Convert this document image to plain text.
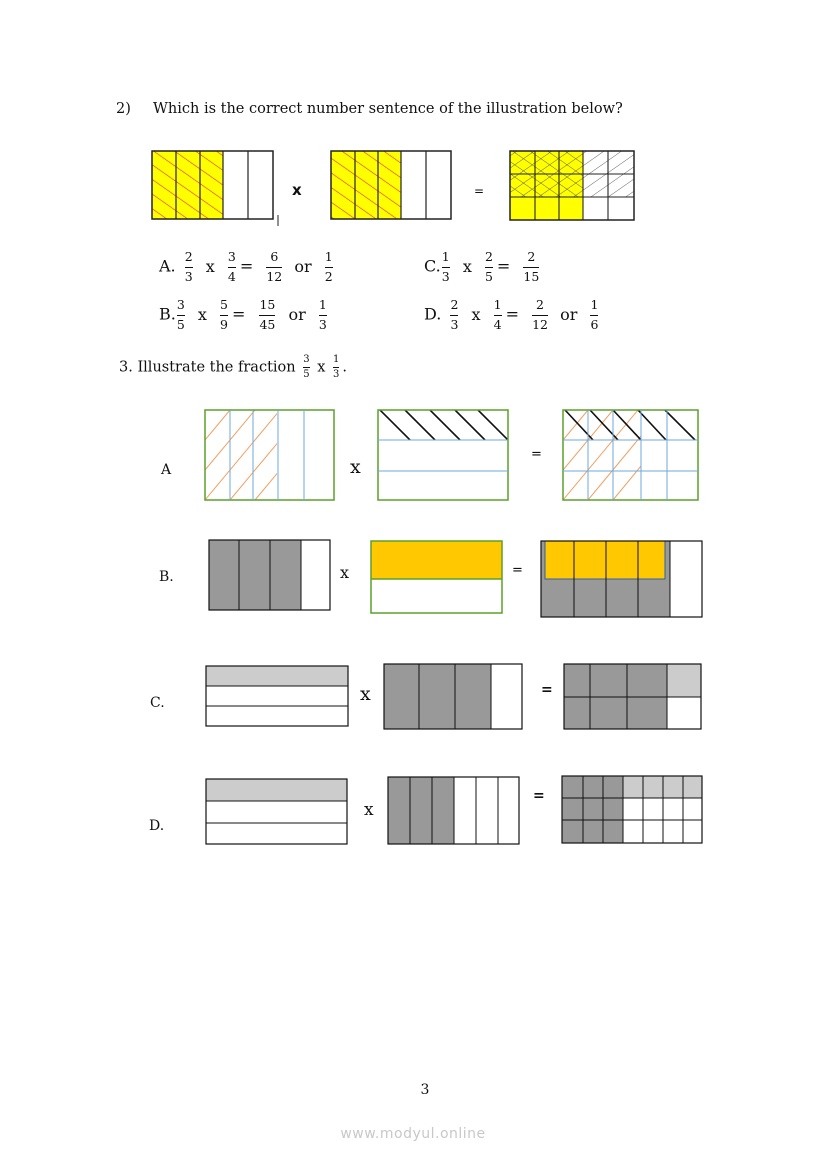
2) Which is the correct number sentence of the illustration below?
x	=
A. $\frac{2}{3}$ x $\frac{3}{4} = \frac{6}{12}$ or $\frac{1}{2}$
B. $\frac{3}{5}$ x $\frac{5}{9} = \frac{15}{45}$ or $\frac{1}{3}$
C. $\frac{1}{3}$ x $\frac{2}{5} = \frac{2}{15}$
D. $\frac{2}{3}$ x $\frac{1}{4} = \frac{2}{12}$ or $\frac{1}{6}$
3. Illustrate the fraction $\frac{3}{5}$ x $\frac{1}{3}$ .
A	x
=
B.	x	=
C.	x	=
D.
x
=
3
www.modyul.online
